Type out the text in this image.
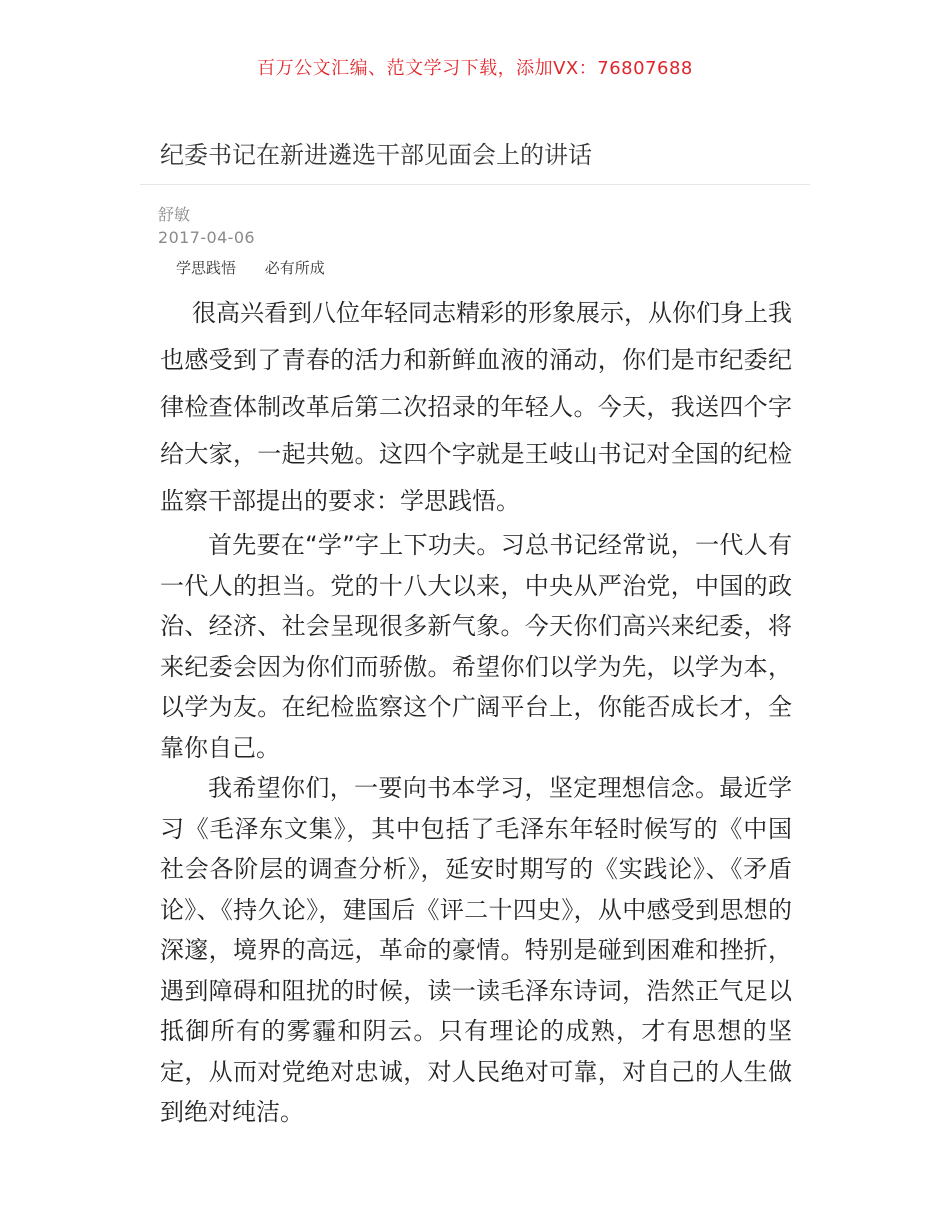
百万公文汇编、范文学习下载，添加VX：76807688
纪委书记在新进遴选干部见面会上的讲话
舒敏
2017-04-06
学思践悟 必有所成

很高兴看到八位年轻同志精彩的形象展示，从你们身上我也感受到了青春的活力和新鲜血液的涌动，你们是市纪委纪律检查体制改革后第二次招录的年轻人。今天，我送四个字给大家，一起共勉。这四个字就是王岐山书记对全国的纪检监察干部提出的要求：学思践悟。

首先要在“学”字上下功夫。习总书记经常说，一代人有一代人的担当。党的十八大以来，中央从严治党，中国的政治、经济、社会呈现很多新气象。今天你们高兴来纪委，将来纪委会因为你们而骄傲。希望你们以学为先，以学为本，以学为友。在纪检监察这个广阔平台上，你能否成长才，全靠你自己。

我希望你们，一要向书本学习，坚定理想信念。最近学习《毛泽东文集》，其中包括了毛泽东年轻时候写的《中国社会各阶层的调查分析》，延安时期写的《实践论》、《矛盾论》、《持久论》，建国后《评二十四史》，从中感受到思想的深邃，境界的高远，革命的豪情。特别是碰到困难和挫折，遇到障碍和阻扰的时候，读一读毛泽东诗词，浩然正气足以抵御所有的雾霾和阴云。只有理论的成熟，才有思想的坚定，从而对党绝对忠诚，对人民绝对可靠，对自己的人生做到绝对纯洁。
